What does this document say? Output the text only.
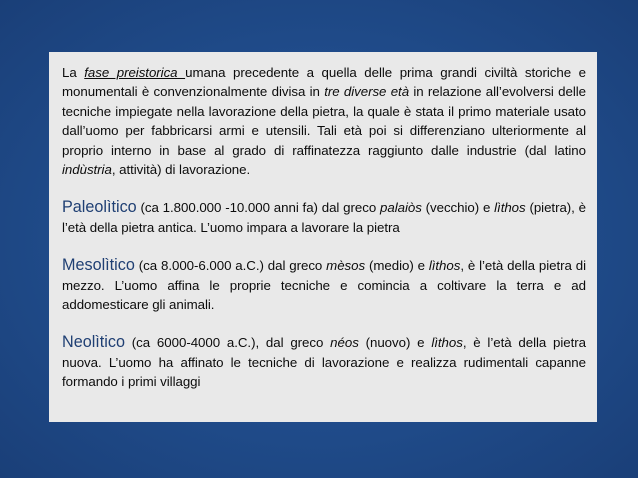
La fase preistorica umana precedente a quella delle prima grandi civiltà storiche e monumentali è convenzionalmente divisa in tre diverse età in relazione all’evolversi delle tecniche impiegate nella lavorazione della pietra, la quale è stata il primo materiale usato dall’uomo per fabbricarsi armi e utensili. Tali età poi si differenziano ulteriormente al proprio interno in base al grado di raffinatezza raggiunto dalle industrie (dal latino indùstria, attività) di lavorazione.

Paleolìtico (ca 1.800.000 -10.000 anni fa) dal greco palaiòs (vecchio) e lìthos (pietra), è l’età della pietra antica. L’uomo impara a lavorare la pietra

Mesolìtico (ca 8.000-6.000 a.C.) dal greco mèsos (medio) e lìthos, è l’età della pietra di mezzo. L’uomo affina le proprie tecniche e comincia a coltivare la terra e ad addomesticare gli animali.

Neolìtico (ca 6000-4000 a.C.), dal greco néos (nuovo) e lìthos, è l’età della pietra nuova. L’uomo ha affinato le tecniche di lavorazione e realizza rudimentali capanne formando i primi villaggi
